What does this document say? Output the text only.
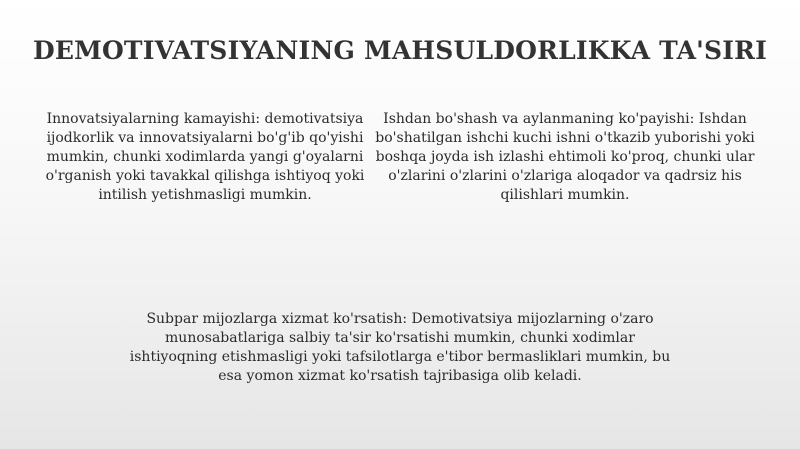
DEMOTIVATSIYANING MAHSULDORLIKKA TA'SIRI

Innovatsiyalarning kamayishi: demotivatsiya ijodkorlik va innovatsiyalarni bo'g'ib qo'yishi mumkin, chunki xodimlarda yangi g'oyalarni o'rganish yoki tavakkal qilishga ishtiyoq yoki intilish yetishmasligi mumkin.

Ishdan bo'shash va aylanmaning ko'payishi: Ishdan bo'shatilgan ishchi kuchi ishni o'tkazib yuborishi yoki boshqa joyda ish izlashi ehtimoli ko'proq, chunki ular o'zlarini o'zlarini o'zlariga aloqador va qadrsiz his qilishlari mumkin.

Subpar mijozlarga xizmat ko'rsatish: Demotivatsiya mijozlarning o'zaro munosabatlariga salbiy ta'sir ko'rsatishi mumkin, chunki xodimlar ishtiyoqning etishmasligi yoki tafsilotlarga e'tibor bermasliklari mumkin, bu esa yomon xizmat ko'rsatish tajribasiga olib keladi.
